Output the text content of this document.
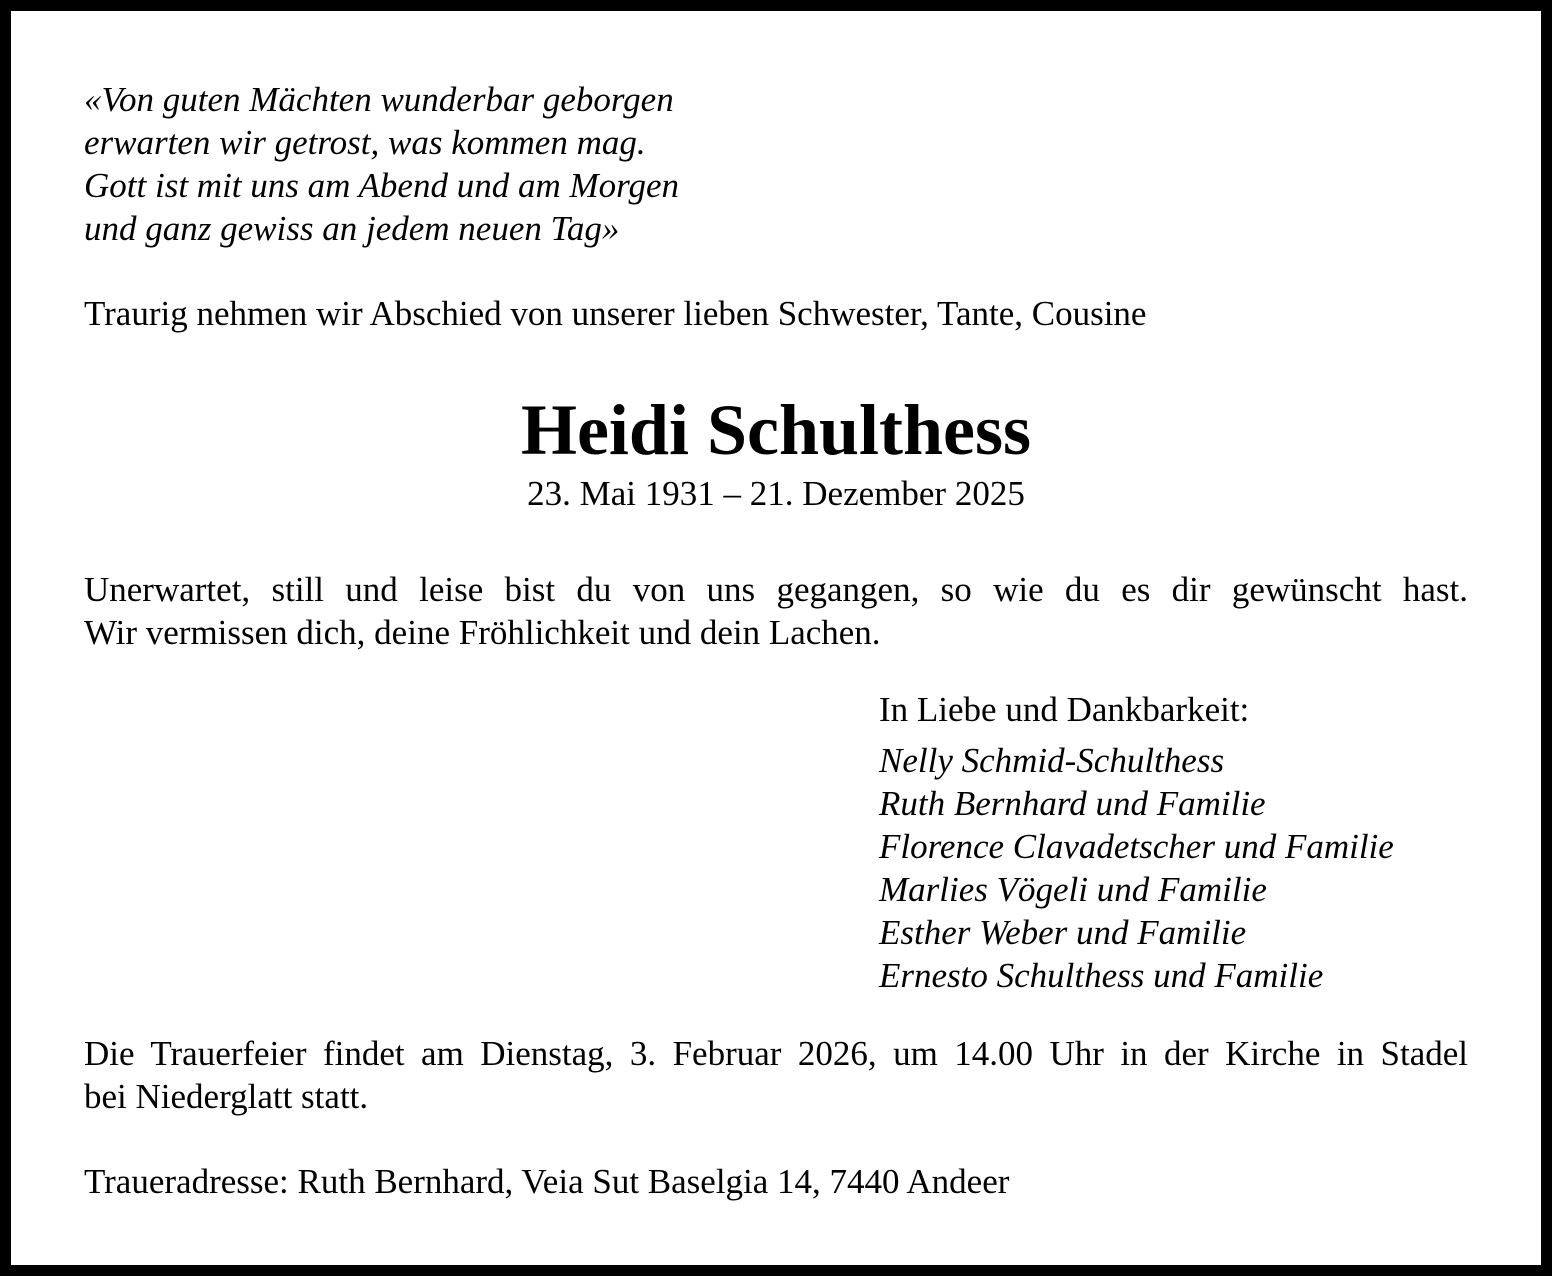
«Von guten Mächten wunderbar geborgen
erwarten wir getrost, was kommen mag.
Gott ist mit uns am Abend und am Morgen
und ganz gewiss an jedem neuen Tag»
Traurig nehmen wir Abschied von unserer lieben Schwester, Tante, Cousine
Heidi Schulthess
23. Mai 1931 – 21. Dezember 2025
Unerwartet, still und leise bist du von uns gegangen, so wie du es dir gewünscht hast.
Wir vermissen dich, deine Fröhlichkeit und dein Lachen.
In Liebe und Dankbarkeit:
Nelly Schmid-Schulthess
Ruth Bernhard und Familie
Florence Clavadetscher und Familie
Marlies Vögeli und Familie
Esther Weber und Familie
Ernesto Schulthess und Familie
Die Trauerfeier findet am Dienstag, 3. Februar 2026, um 14.00 Uhr in der Kirche in Stadel
bei Niederglatt statt.
Traueradresse: Ruth Bernhard, Veia Sut Baselgia 14, 7440 Andeer
